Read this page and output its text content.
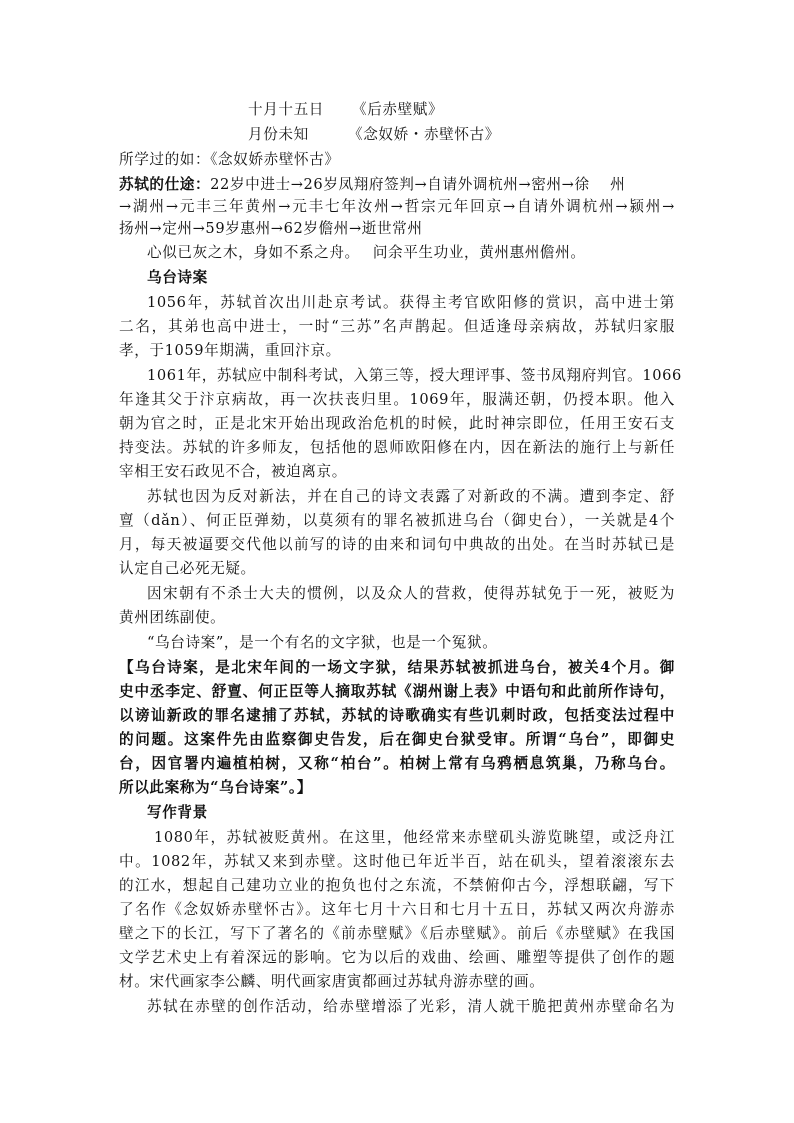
十月十五日 《后赤壁赋》
月份未知	《念奴娇・赤壁怀古》
所学过的如：《念奴娇赤壁怀古》
苏轼的仕途：22岁中进士→26岁凤翔府签判→自请外调杭州→密州→徐　 州
→湖州→元丰三年黄州→元丰七年汝州→哲宗元年回京→自请外调杭州→颍州→
扬州→定州→59岁惠州→62岁儋州→逝世常州
心似已灰之木，身如不系之舟。　 问余平生功业，黄州惠州儋州。
乌台诗案
1056年，苏轼首次出川赴京考试。获得主考官欧阳修的赏识，高中进士第
二名，其弟也高中进士，一时“三苏”名声鹊起。但适逢母亲病故，苏轼归家服
孝，于1059年期满，重回汴京。
1061年，苏轼应中制科考试，入第三等，授大理评事、签书凤翔府判官。1066
年逢其父于汴京病故，再一次扶丧归里。1069年，服满还朝，仍授本职。他入
朝为官之时，正是北宋开始出现政治危机的时候，此时神宗即位，任用王安石支
持变法。苏轼的许多师友，包括他的恩师欧阳修在内，因在新法的施行上与新任
宰相王安石政见不合，被迫离京。
苏轼也因为反对新法，并在自己的诗文表露了对新政的不满。遭到李定、舒
亶（dǎn）、何正臣弹劾，以莫须有的罪名被抓进乌台（御史台），一关就是4个
月，每天被逼要交代他以前写的诗的由来和词句中典故的出处。在当时苏轼已是
认定自己必死无疑。
因宋朝有不杀士大夫的惯例，以及众人的营救，使得苏轼免于一死，被贬为
黄州团练副使。
“乌台诗案”，是一个有名的文字狱，也是一个冤狱。
【乌台诗案，是北宋年间的一场文字狱，结果苏轼被抓进乌台，被关4个月。御
史中丞李定、舒亶、何正臣等人摘取苏轼《湖州谢上表》中语句和此前所作诗句，
以谤讪新政的罪名逮捕了苏轼，苏轼的诗歌确实有些讥刺时政，包括变法过程中
的问题。这案件先由监察御史告发，后在御史台狱受审。所谓“乌台”，即御史
台，因官署内遍植柏树，又称“柏台”。柏树上常有乌鸦栖息筑巢，乃称乌台。
所以此案称为“乌台诗案”。】
写作背景
1080年，苏轼被贬黄州。在这里，他经常来赤壁矶头游览眺望，或泛舟江
中。1082年，苏轼又来到赤壁。这时他已年近半百，站在矶头，望着滚滚东去
的江水，想起自己建功立业的抱负也付之东流，不禁俯仰古今，浮想联翩，写下
了名作《念奴娇赤壁怀古》。这年七月十六日和七月十五日，苏轼又两次舟游赤
壁之下的长江，写下了著名的《前赤壁赋》《后赤壁赋》。前后《赤壁赋》在我国
文学艺术史上有着深远的影响。它为以后的戏曲、绘画、雕塑等提供了创作的题
材。宋代画家李公麟、明代画家唐寅都画过苏轼舟游赤壁的画。
苏轼在赤壁的创作活动，给赤壁增添了光彩，清人就干脆把黄州赤壁命名为
